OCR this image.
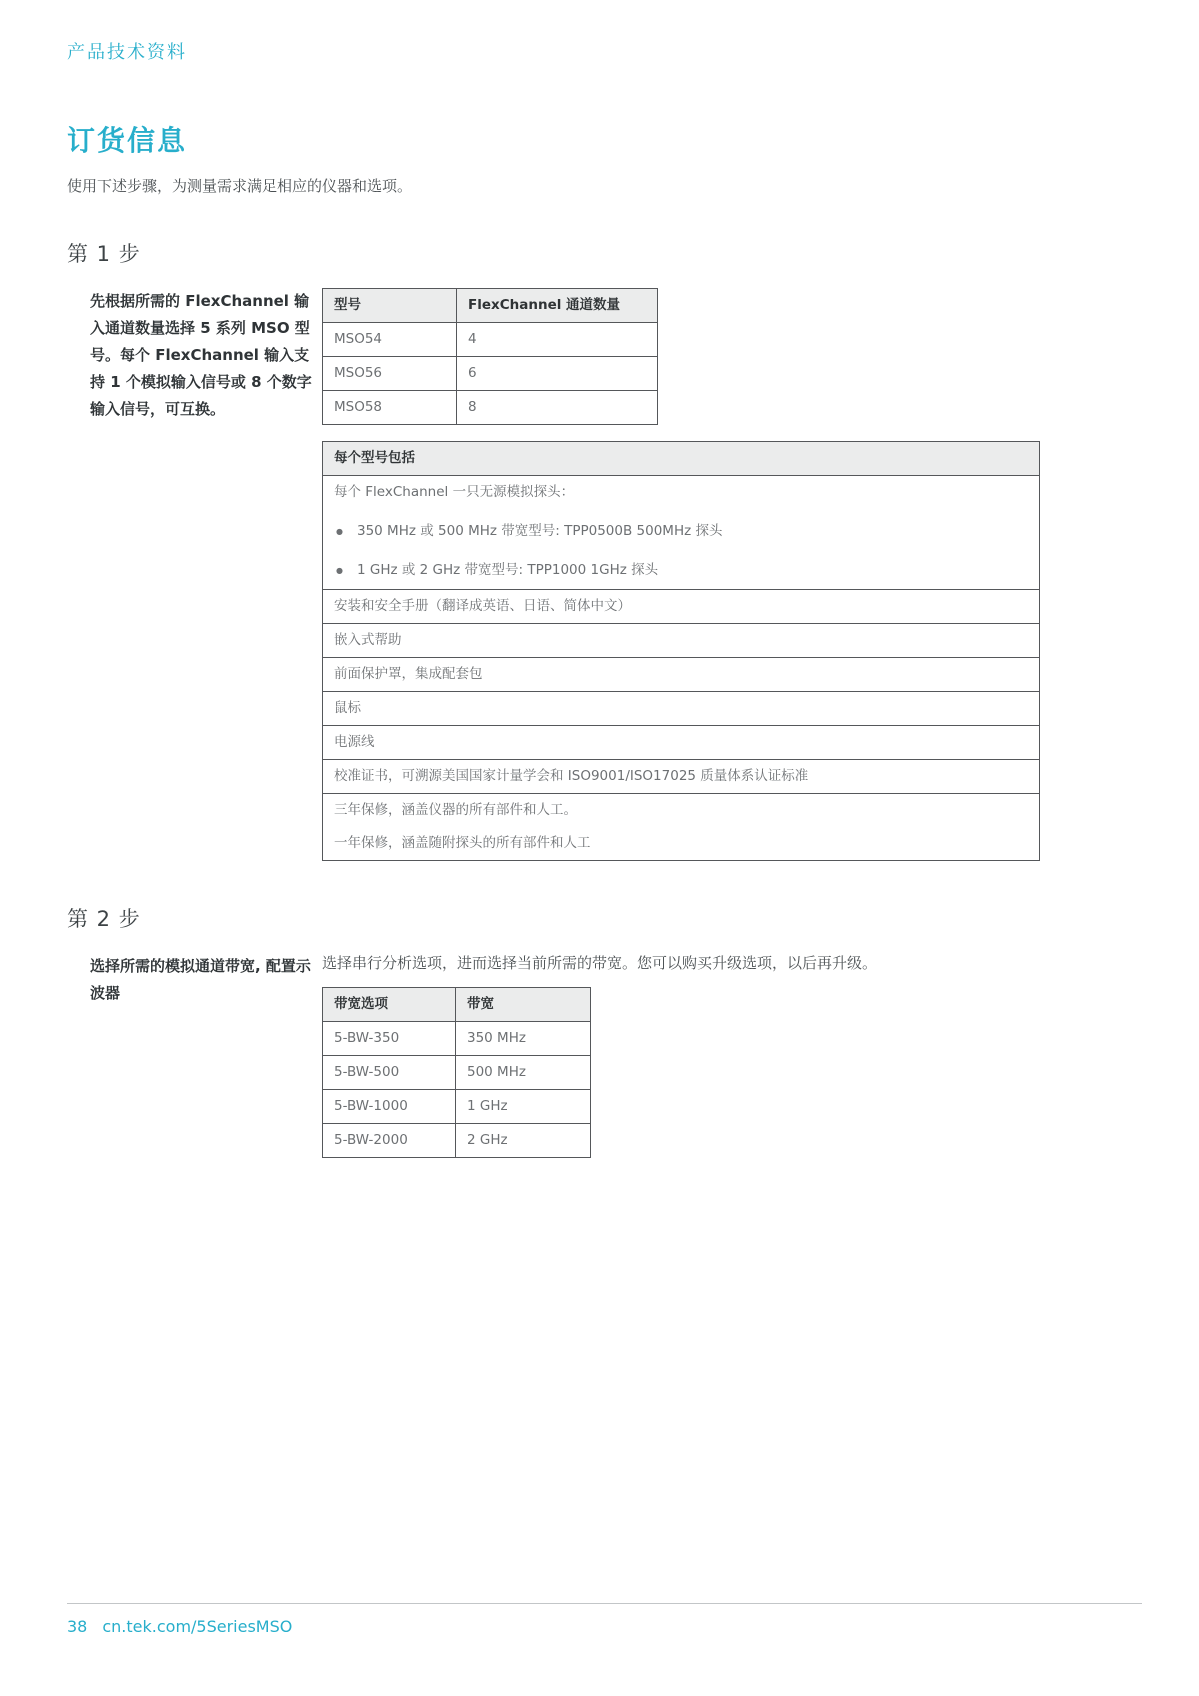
产品技术资料
订货信息

使用下述步骤，为测量需求满足相应的仪器和选项。

第 1 步
先根据所需的 FlexChannel 输入通道数量选择 5 系列 MSO 型号。每个 FlexChannel 输入支持 1 个模拟输入信号或 8 个数字输入信号，可互换。
型号	FlexChannel 通道数量
MSO54	4
MSO56	6
MSO58	8
每个型号包括

每个 FlexChannel 一只无源模拟探头：
● 350 MHz 或 500 MHz 带宽型号: TPP0500B 500MHz 探头
● 1 GHz 或 2 GHz 带宽型号: TPP1000 1GHz 探头

安装和安全手册（翻译成英语、日语、简体中文）
嵌入式帮助
前面保护罩，集成配套包
鼠标
电源线
校准证书，可溯源美国国家计量学会和 ISO9001/ISO17025 质量体系认证标准

三年保修，涵盖仪器的所有部件和人工。
一年保修，涵盖随附探头的所有部件和人工
第 2 步
选择所需的模拟通道带宽, 配置示波器

选择串行分析选项，进而选择当前所需的带宽。您可以购买升级选项，以后再升级。

带宽选项	带宽
5-BW-350	350 MHz
5-BW-500	500 MHz
5-BW-1000	1 GHz
5-BW-2000	2 GHz
38 cn.tek.com/5SeriesMSO
